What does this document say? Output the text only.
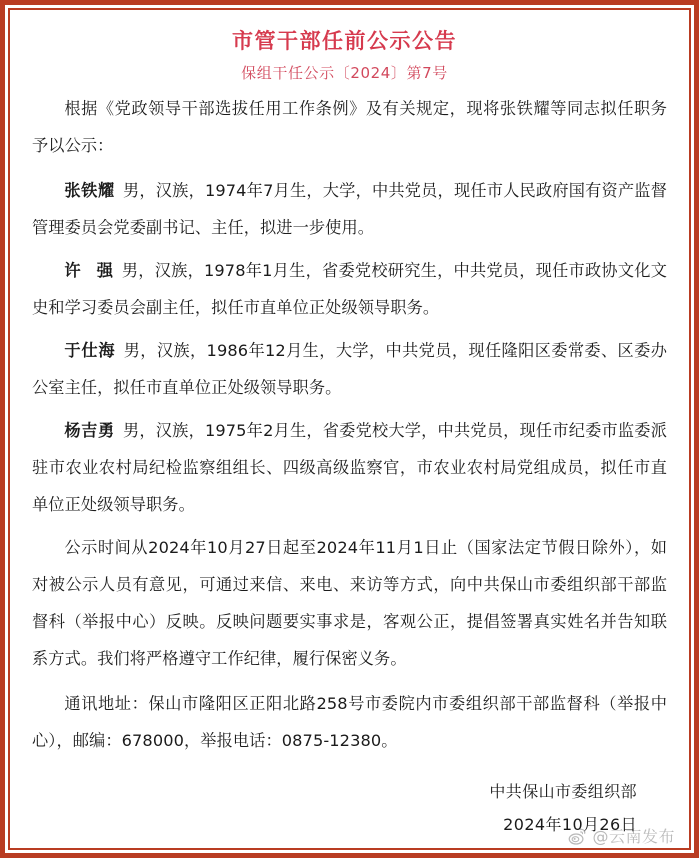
市管干部任前公示公告
保组干任公示〔2024〕第7号

根据《党政领导干部选拔任用工作条例》及有关规定，现将张铁耀等同志拟任职务予以公示：

张铁耀 男，汉族，1974年7月生，大学，中共党员，现任市人民政府国有资产监督管理委员会党委副书记、主任，拟进一步使用。

许 强 男，汉族，1978年1月生，省委党校研究生，中共党员，现任市政协文化文史和学习委员会副主任，拟任市直单位正处级领导职务。

于仕海 男，汉族，1986年12月生，大学，中共党员，现任隆阳区委常委、区委办公室主任，拟任市直单位正处级领导职务。

杨吉勇 男，汉族，1975年2月生，省委党校大学，中共党员，现任市纪委市监委派驻市农业农村局纪检监察组组长、四级高级监察官，市农业农村局党组成员，拟任市直单位正处级领导职务。

公示时间从2024年10月27日起至2024年11月1日止（国家法定节假日除外），如对被公示人员有意见，可通过来信、来电、来访等方式，向中共保山市委组织部干部监督科（举报中心）反映。反映问题要实事求是，客观公正，提倡签署真实姓名并告知联系方式。我们将严格遵守工作纪律，履行保密义务。

通讯地址：保山市隆阳区正阳北路258号市委院内市委组织部干部监督科（举报中心），邮编：678000，举报电话：0875-12380。

中共保山市委组织部
2024年10月26日
@云南发布
